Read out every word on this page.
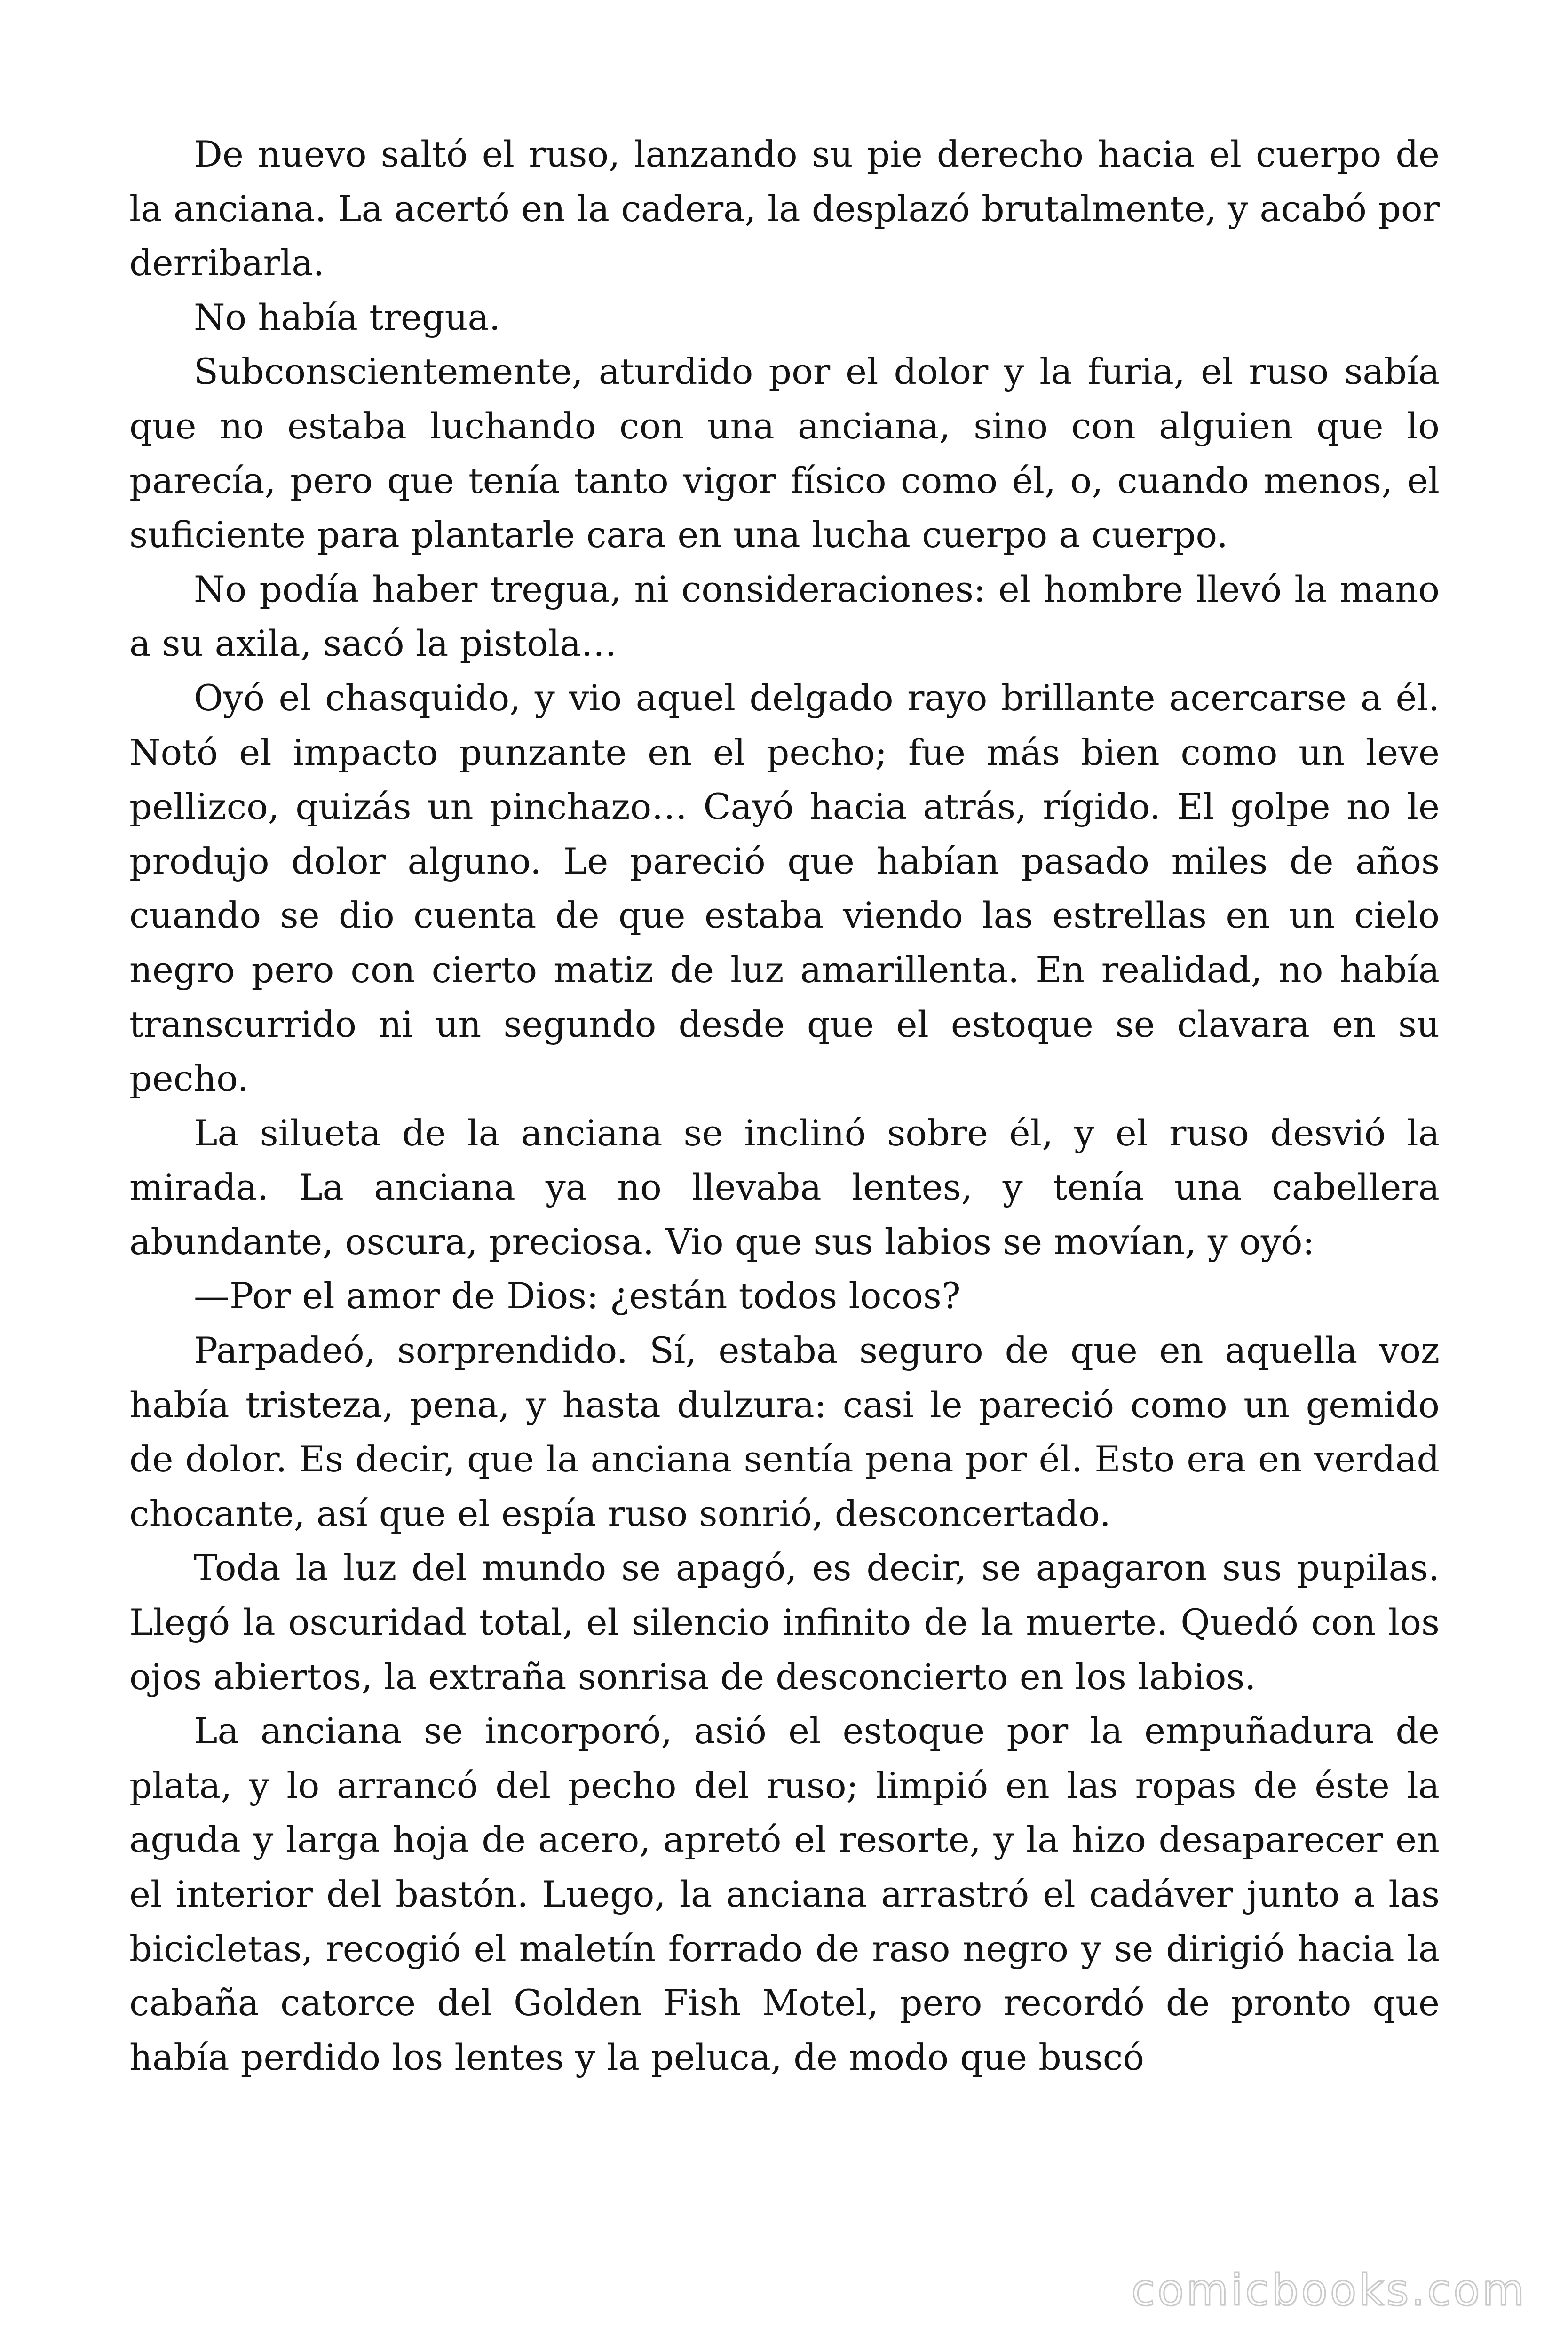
De nuevo saltó el ruso, lanzando su pie derecho hacia el cuerpo de la anciana. La acertó en la cadera, la desplazó brutalmente, y acabó por derribarla.

No había tregua.

Subconscientemente, aturdido por el dolor y la furia, el ruso sabía que no estaba luchando con una anciana, sino con alguien que lo parecía, pero que tenía tanto vigor físico como él, o, cuando menos, el suficiente para plantarle cara en una lucha cuerpo a cuerpo.

No podía haber tregua, ni consideraciones: el hombre llevó la mano a su axila, sacó la pistola…

Oyó el chasquido, y vio aquel delgado rayo brillante acercarse a él. Notó el impacto punzante en el pecho; fue más bien como un leve pellizco, quizás un pinchazo… Cayó hacia atrás, rígido. El golpe no le produjo dolor alguno. Le pareció que habían pasado miles de años cuando se dio cuenta de que estaba viendo las estrellas en un cielo negro pero con cierto matiz de luz amarillenta. En realidad, no había transcurrido ni un segundo desde que el estoque se clavara en su pecho.

La silueta de la anciana se inclinó sobre él, y el ruso desvió la mirada. La anciana ya no llevaba lentes, y tenía una cabellera abundante, oscura, preciosa. Vio que sus labios se movían, y oyó:

—Por el amor de Dios: ¿están todos locos?

Parpadeó, sorprendido. Sí, estaba seguro de que en aquella voz había tristeza, pena, y hasta dulzura: casi le pareció como un gemido de dolor. Es decir, que la anciana sentía pena por él. Esto era en verdad chocante, así que el espía ruso sonrió, desconcertado.

Toda la luz del mundo se apagó, es decir, se apagaron sus pupilas. Llegó la oscuridad total, el silencio infinito de la muerte. Quedó con los ojos abiertos, la extraña sonrisa de desconcierto en los labios.

La anciana se incorporó, asió el estoque por la empuñadura de plata, y lo arrancó del pecho del ruso; limpió en las ropas de éste la aguda y larga hoja de acero, apretó el resorte, y la hizo desaparecer en el interior del bastón. Luego, la anciana arrastró el cadáver junto a las bicicletas, recogió el maletín forrado de raso negro y se dirigió hacia la cabaña catorce del Golden Fish Motel, pero recordó de pronto que había perdido los lentes y la peluca, de modo que buscó

comicbooks.com
